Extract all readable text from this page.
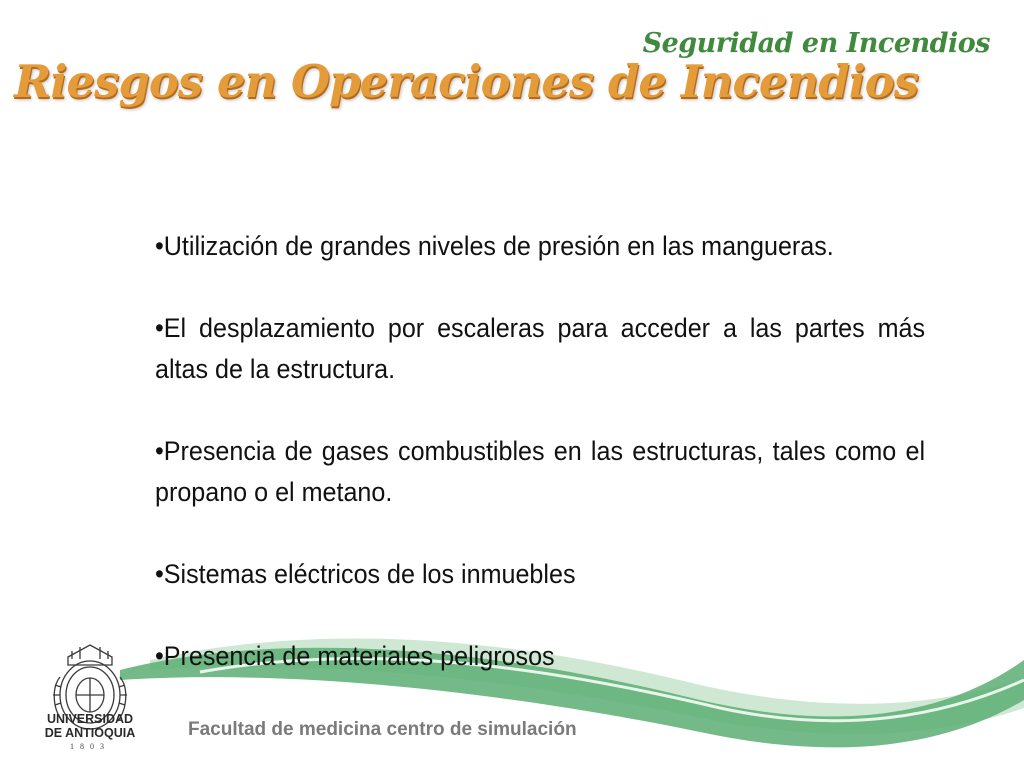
Seguridad en Incendios
Riesgos en Operaciones de Incendios
UNIVERSIDAD
DE ANTIOQUIA
1803
•Utilización de grandes niveles de presión en las mangueras.
•El desplazamiento por escaleras para acceder a las partes más altas de la estructura.
•Presencia de gases combustibles en las estructuras, tales como el propano o el metano.
•Sistemas eléctricos de los inmuebles
•Presencia de materiales peligrosos
Facultad de medicina centro de simulación
